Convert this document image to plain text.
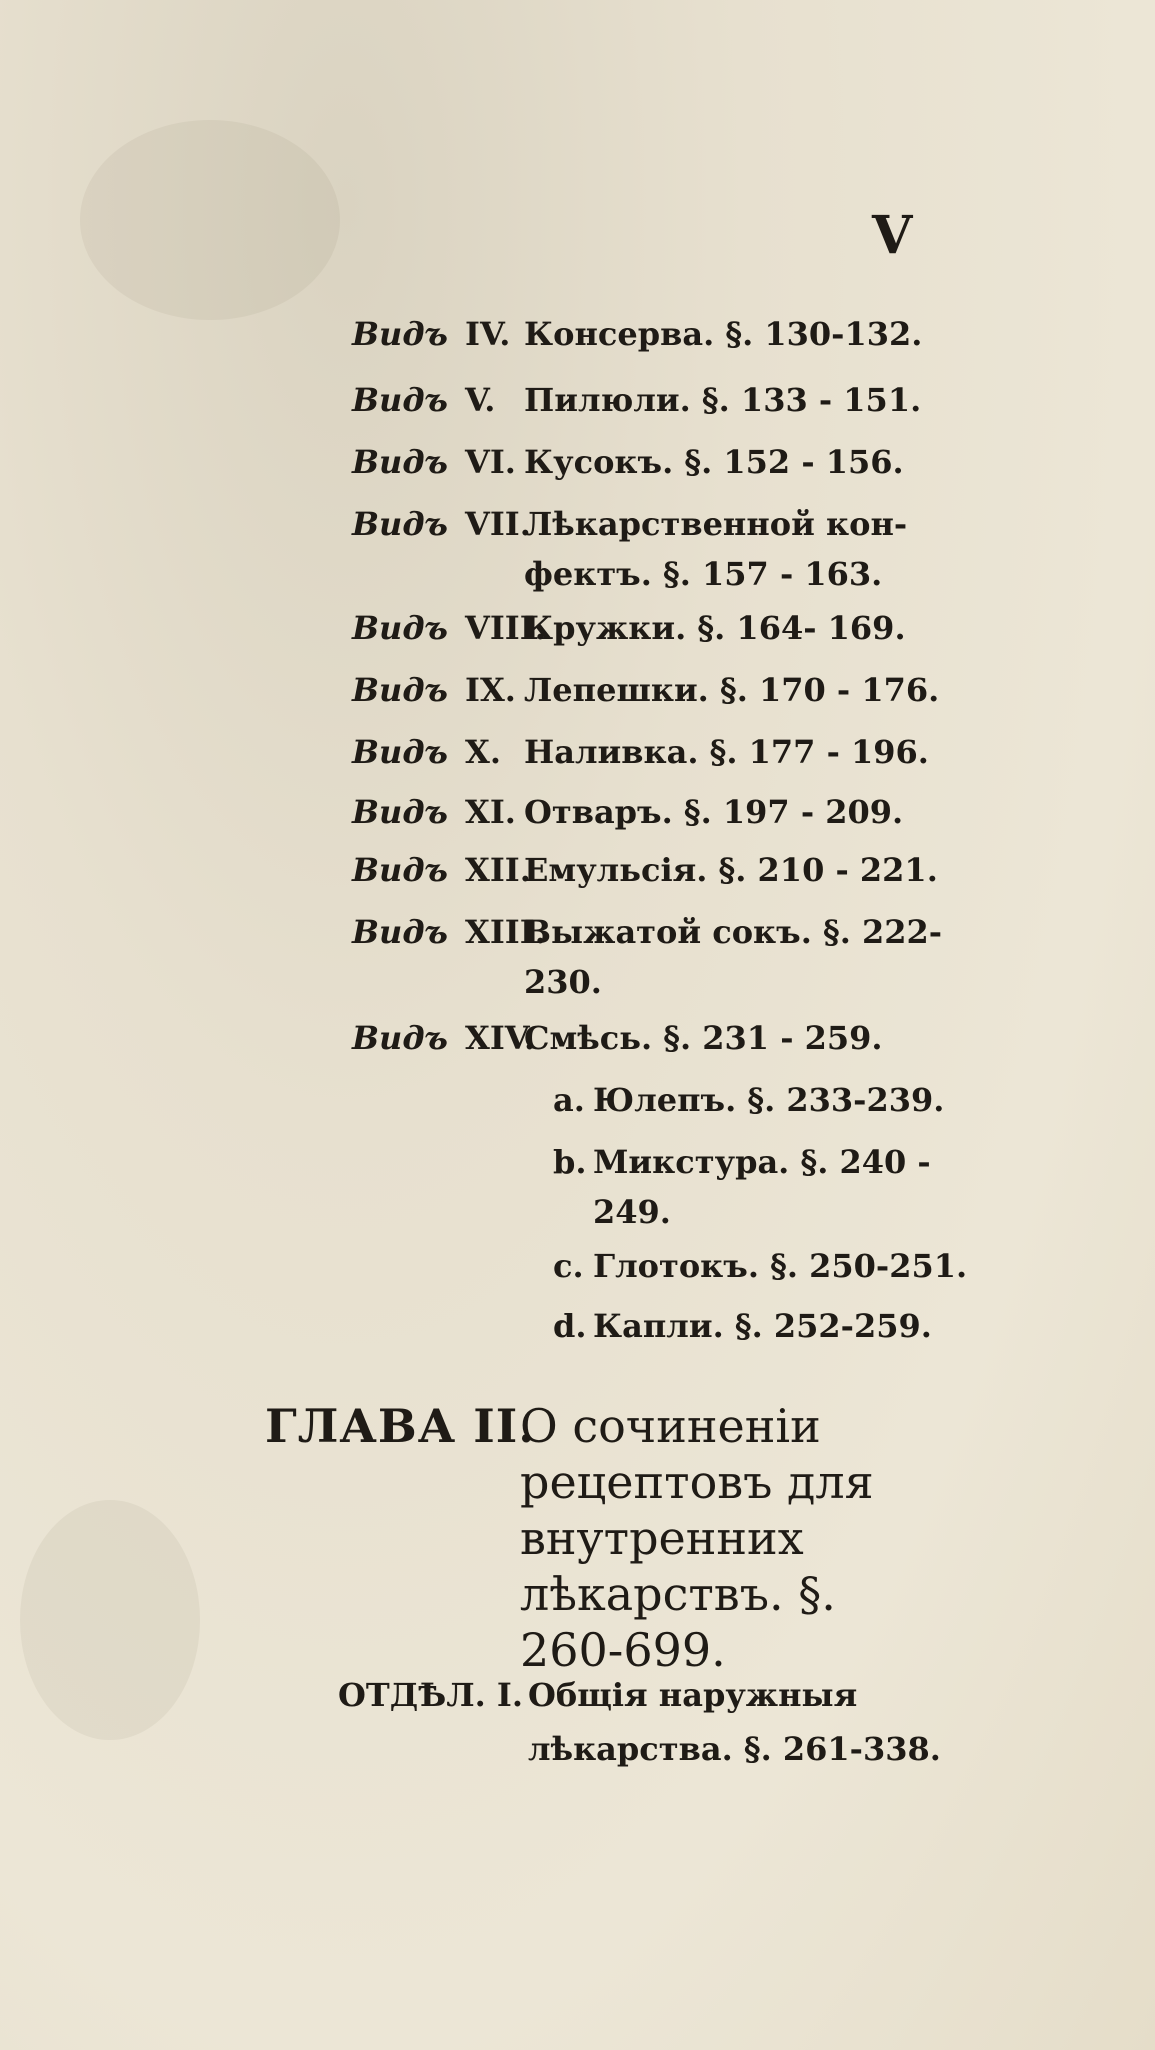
V
Видъ IV. Консерва. §. 130-132.
Видъ V. Пилюли. §. 133 - 151.
Видъ VI. Кусокъ. §. 152 - 156.
Видъ VII.
Лѣкарственной кон-
фектъ. §. 157 - 163.
Видъ VIII.
Кружки. §. 164- 169.
Видъ IX. Лепешки. §. 170 - 176.
Видъ X. Наливка. §. 177 - 196.
Видъ XI. Отваръ. §. 197 - 209.
Видъ XII.
Емульсія. §. 210 - 221.
Видъ XIII.
Выжатой сокъ. §. 222-
230.
Видъ XIV.
Смѣсь. §. 231 - 259.
a. Юлепъ. §. 233-239.
b. Микстура. §. 240 -
249.
c. Глотокъ. §. 250-251.
d. Капли. §. 252-259.
ГЛАВА II.
О сочиненіи рецептовъ для внутренних лѣкарствъ. §. 260-699.
ОТДѢЛ. I. Общія наружныя лѣкарства. §. 261-338.
